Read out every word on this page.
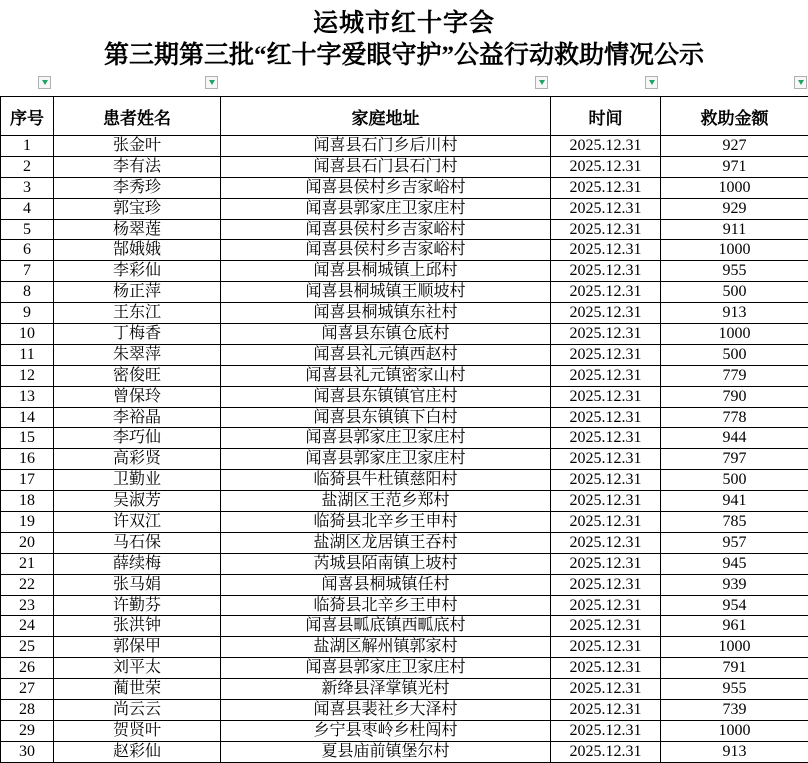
运城市红十字会
第三期第三批“红十字爱眼守护”公益行动救助情况公示
序号	患者姓名	家庭地址	时间	救助金额
1	张金叶	闻喜县石门乡后川村	2025.12.31	927
2	李有法	闻喜县石门县石门村	2025.12.31	971
3	李秀珍	闻喜县侯村乡吉家峪村	2025.12.31	1000
4	郭宝珍	闻喜县郭家庄卫家庄村	2025.12.31	929
5	杨翠莲	闻喜县侯村乡吉家峪村	2025.12.31	911
6	郜娥娥	闻喜县侯村乡吉家峪村	2025.12.31	1000
7	李彩仙	闻喜县桐城镇上邱村	2025.12.31	955
8	杨正萍	闻喜县桐城镇王顺坡村	2025.12.31	500
9	王东江	闻喜县桐城镇东社村	2025.12.31	913
10	丁梅香	闻喜县东镇仓底村	2025.12.31	1000
11	朱翠萍	闻喜县礼元镇西赵村	2025.12.31	500
12	密俊旺	闻喜县礼元镇密家山村	2025.12.31	779
13	曾保玲	闻喜县东镇镇官庄村	2025.12.31	790
14	李裕晶	闻喜县东镇镇下白村	2025.12.31	778
15	李巧仙	闻喜县郭家庄卫家庄村	2025.12.31	944
16	高彩贤	闻喜县郭家庄卫家庄村	2025.12.31	797
17	卫勤业	临猗县牛杜镇慈阳村	2025.12.31	500
18	吴淑芳	盐湖区王范乡郑村	2025.12.31	941
19	许双江	临猗县北辛乡王申村	2025.12.31	785
20	马石保	盐湖区龙居镇王吞村	2025.12.31	957
21	薛续梅	芮城县陌南镇上坡村	2025.12.31	945
22	张马娟	闻喜县桐城镇任村	2025.12.31	939
23	许勤芬	临猗县北辛乡王申村	2025.12.31	954
24	张洪钟	闻喜县畖底镇西畖底村	2025.12.31	961
25	郭保甲	盐湖区解州镇郭家村	2025.12.31	1000
26	刘平太	闻喜县郭家庄卫家庄村	2025.12.31	791
27	蔺世荣	新绛县泽掌镇光村	2025.12.31	955
28	尚云云	闻喜县裴社乡大泽村	2025.12.31	739
29	贺贤叶	乡宁县枣岭乡杜闯村	2025.12.31	1000
30	赵彩仙	夏县庙前镇堡尔村	2025.12.31	913
